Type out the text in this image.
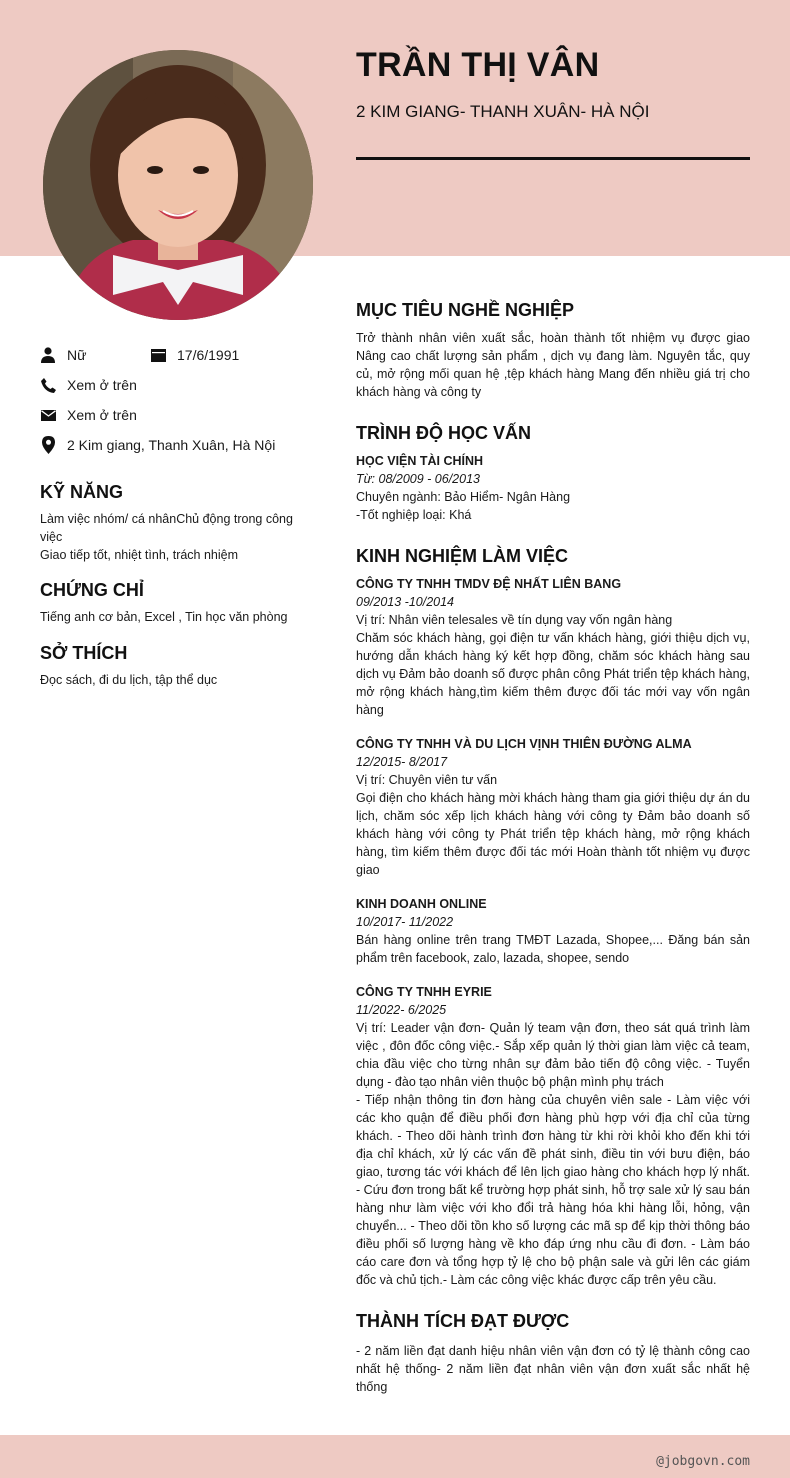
TRẦN THỊ VÂN

2 KIM GIANG- THANH XUÂN- HÀ NỘI

Nữ	17/6/1991
Xem ở trên
Xem ở trên
2 Kim giang, Thanh Xuân, Hà Nội
KỸ NĂNG

Làm việc nhóm/ cá nhânChủ động trong công việc

Giao tiếp tốt, nhiệt tình, trách nhiệm

CHỨNG CHỈ

Tiếng anh cơ bản, Excel , Tin học văn phòng

SỞ THÍCH

Đọc sách, đi du lịch, tập thể dục

MỤC TIÊU NGHỀ NGHIỆP

Trở thành nhân viên xuất sắc, hoàn thành tốt nhiệm vụ được giao Nâng cao chất lượng sản phẩm , dịch vụ đang làm. Nguyên tắc, quy củ, mở rộng mối quan hệ ,tệp khách hàng Mang đến nhiều giá trị cho khách hàng và công ty

TRÌNH ĐỘ HỌC VẤN

HỌC VIỆN TÀI CHÍNH

Từ: 08/2009 - 06/2013

Chuyên ngành: Bảo Hiểm- Ngân Hàng

-Tốt nghiệp loại: Khá

KINH NGHIỆM LÀM VIỆC

CÔNG TY TNHH TMDV ĐỆ NHẤT LIÊN BANG

09/2013 -10/2014

Vị trí: Nhân viên telesales về tín dụng vay vốn ngân hàng

Chăm sóc khách hàng, gọi điện tư vấn khách hàng, giới thiệu dịch vụ, hướng dẫn khách hàng ký kết hợp đồng, chăm sóc khách hàng sau dịch vụ Đảm bảo doanh số được phân công Phát triển tệp khách hàng, mở rộng khách hàng,tìm kiếm thêm được đối tác mới vay vốn ngân hàng

CÔNG TY TNHH VÀ DU LỊCH VỊNH THIÊN ĐƯỜNG ALMA

12/2015- 8/2017

Vị trí: Chuyên viên tư vấn

Gọi điện cho khách hàng mời khách hàng tham gia giới thiệu dự án du lịch, chăm sóc xếp lịch khách hàng với công ty Đảm bảo doanh số khách hàng với công ty Phát triển tệp khách hàng, mở rộng khách hàng, tìm kiếm thêm được đối tác mới Hoàn thành tốt nhiệm vụ được giao

KINH DOANH ONLINE

10/2017- 11/2022

Bán hàng online trên trang TMĐT Lazada, Shopee,... Đăng bán sản phẩm trên facebook, zalo, lazada, shopee, sendo

CÔNG TY TNHH EYRIE

11/2022- 6/2025

Vị trí: Leader vận đơn- Quản lý team vận đơn, theo sát quá trình làm việc , đôn đốc công việc.- Sắp xếp quản lý thời gian làm việc cả team, chia đầu việc cho từng nhân sự đảm bảo tiến độ công việc. - Tuyển dụng - đào tạo nhân viên thuộc bộ phận mình phụ trách

- Tiếp nhận thông tin đơn hàng của chuyên viên sale - Làm việc với các kho quận để điều phối đơn hàng phù hợp với địa chỉ của từng khách. - Theo dõi hành trình đơn hàng từ khi rời khỏi kho đến khi tới địa chỉ khách, xử lý các vấn đề phát sinh, điều tin với bưu điện, báo giao, tương tác với khách để lên lịch giao hàng cho khách hợp lý nhất. - Cứu đơn trong bất kể trường hợp phát sinh, hỗ trợ sale xử lý sau bán hàng như làm việc với kho đổi trả hàng hóa khi hàng lỗi, hỏng, vận chuyển... - Theo dõi tồn kho số lượng các mã sp để kịp thời thông báo điều phối số lượng hàng về kho đáp ứng nhu cầu đi đơn. - Làm báo cáo care đơn và tổng hợp tỷ lệ cho bộ phận sale và gửi lên các giám đốc và chủ tịch.- Làm các công việc khác được cấp trên yêu cầu.

THÀNH TÍCH ĐẠT ĐƯỢC

- 2 năm liền đạt danh hiệu nhân viên vận đơn có tỷ lệ thành công cao nhất hệ thống- 2 năm liền đạt nhân viên vận đơn xuất sắc nhất hệ thống

@jobgovn.com
